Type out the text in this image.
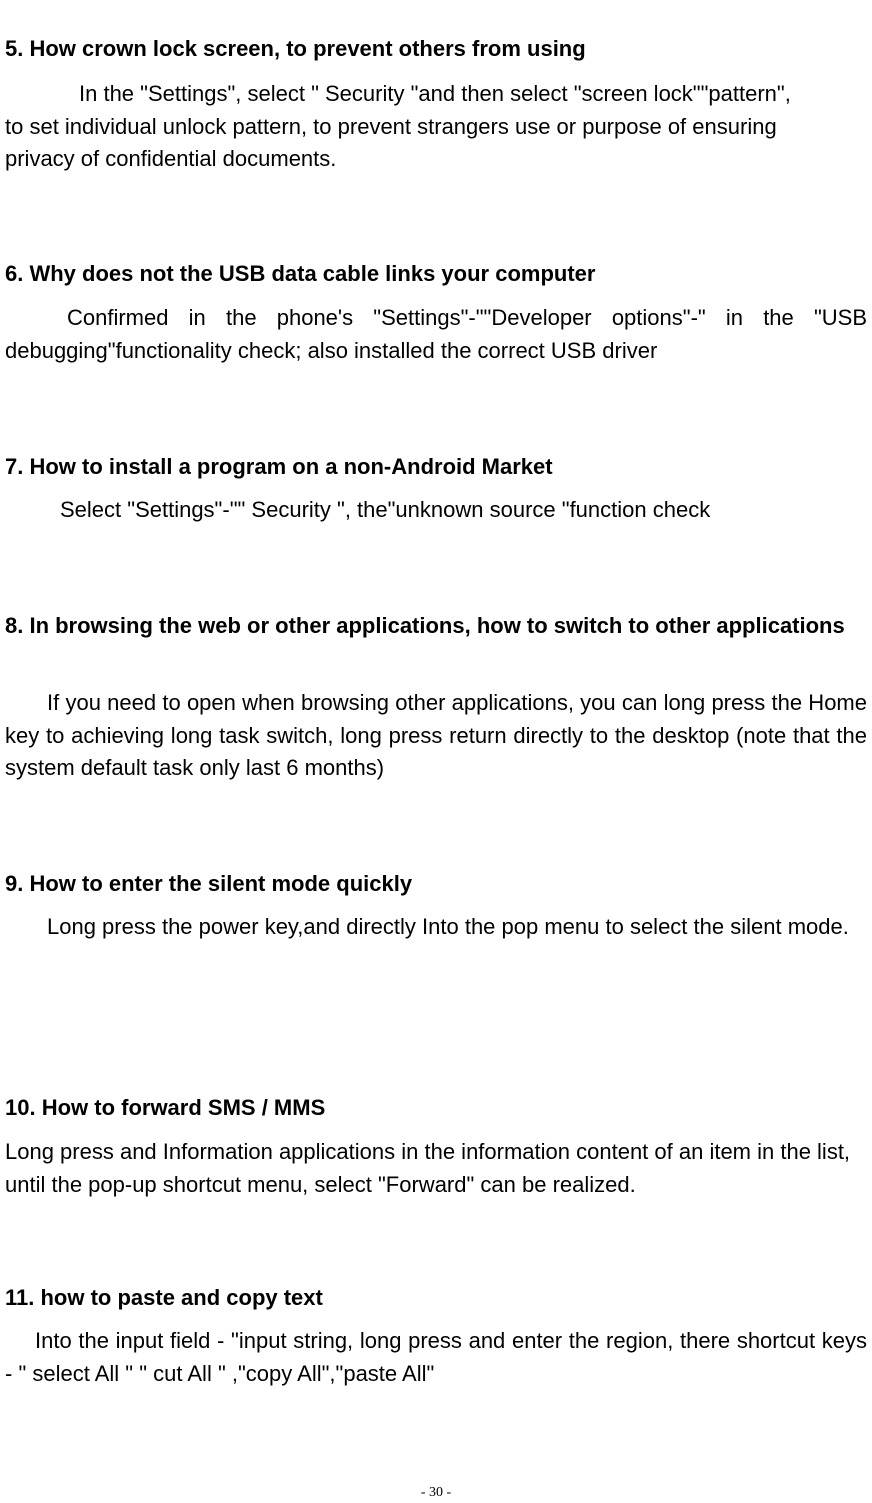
5. How crown lock screen, to prevent others from using
In the "Settings", select " Security "and then select "screen lock""pattern", to set individual unlock pattern, to prevent strangers use or purpose of ensuring privacy of confidential documents.
6. Why does not the USB data cable links your computer
Confirmed in the phone's "Settings"-""Developer options"-" in the "USB debugging"functionality check; also installed the correct USB driver
7. How to install a program on a non-Android Market
Select "Settings"-"" Security ", the"unknown source "function check
8. In browsing the web or other applications, how to switch to other applications
If you need to open when browsing other applications, you can long press the Home key to achieving long task switch, long press return directly to the desktop (note that the system default task only last 6 months)
9. How to enter the silent mode quickly
Long press the power key,and directly Into the pop menu to select the silent mode.
10. How to forward SMS / MMS
Long press and Information applications in the information content of an item in the list, until the pop-up shortcut menu, select "Forward" can be realized.
11. how to paste and copy text
Into the input field - "input string, long press and enter the region, there shortcut keys - " select All " " cut All " ,"copy All","paste All"
- 30 -
